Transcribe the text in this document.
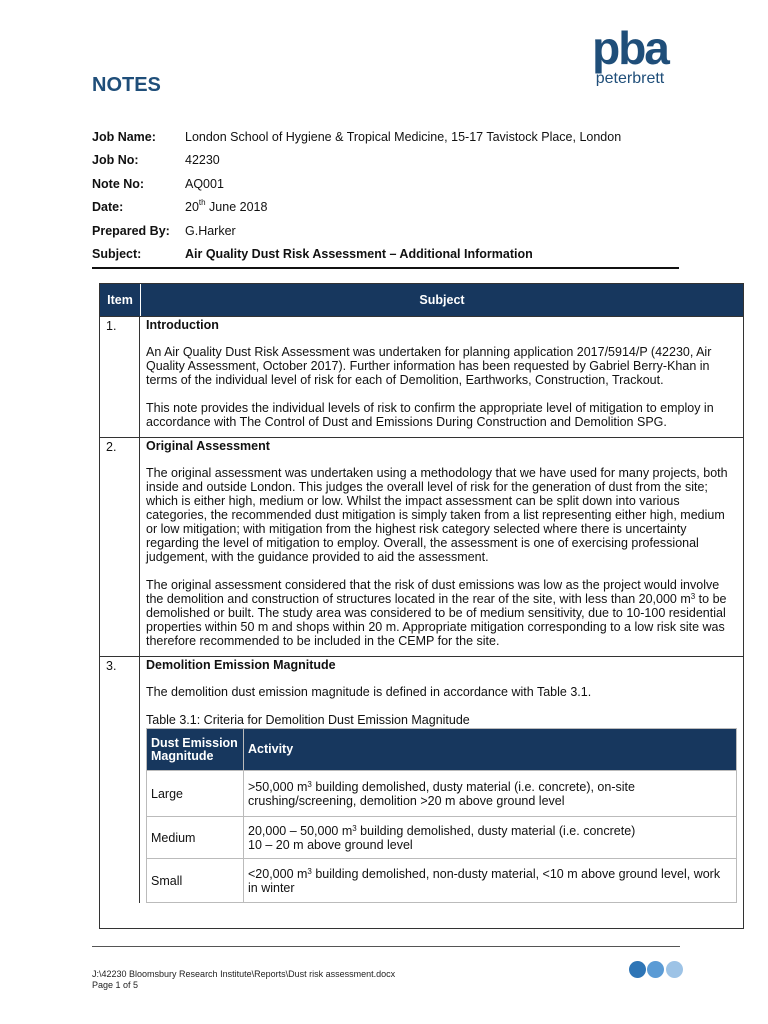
pba
peterbrett
NOTES
Job Name:	London School of Hygiene & Tropical Medicine, 15-17 Tavistock Place, London
Job No:	42230
Note No:	AQ001
Date:	20th June 2018
Prepared By:	G.Harker
Subject:	Air Quality Dust Risk Assessment – Additional Information
Item	Subject
1.	Introduction

An Air Quality Dust Risk Assessment was undertaken for planning application 2017/5914/P (42230, Air Quality Assessment, October 2017). Further information has been requested by Gabriel Berry-Khan in terms of the individual level of risk for each of Demolition, Earthworks, Construction, Trackout.

This note provides the individual levels of risk to confirm the appropriate level of mitigation to employ in accordance with The Control of Dust and Emissions During Construction and Demolition SPG.

2.	Original Assessment

The original assessment was undertaken using a methodology that we have used for many projects, both inside and outside London. This judges the overall level of risk for the generation of dust from the site; which is either high, medium or low. Whilst the impact assessment can be split down into various categories, the recommended dust mitigation is simply taken from a list representing either high, medium or low mitigation; with mitigation from the highest risk category selected where there is uncertainty regarding the level of mitigation to employ. Overall, the assessment is one of exercising professional judgement, with the guidance provided to aid the assessment.

The original assessment considered that the risk of dust emissions was low as the project would involve the demolition and construction of structures located in the rear of the site, with less than 20,000 $m^3$ to be demolished or built. The study area was considered to be of medium sensitivity, due to 10-100 residential properties within 50 m and shops within 20 m. Appropriate mitigation corresponding to a low risk site was therefore recommended to be included in the CEMP for the site.

3.	Demolition Emission Magnitude

The demolition dust emission magnitude is defined in accordance with Table 3.1.

Table 3.1: Criteria for Demolition Dust Emission Magnitude
Dust Emission Magnitude	Activity
Large	>50,000 $m^3$ building demolished, dusty material (i.e. concrete), on-site crushing/screening, demolition >20 m above ground level
Medium	20,000 – 50,000 $m^3$ building demolished, dusty material (i.e. concrete)
10 – 20 m above ground level
Small	<20,000 $m^3$ building demolished, non-dusty material, <10 m above ground level, work in winter
J:\42230 Bloomsbury Research Institute\Reports\Dust risk assessment.docx
Page 1 of 5
